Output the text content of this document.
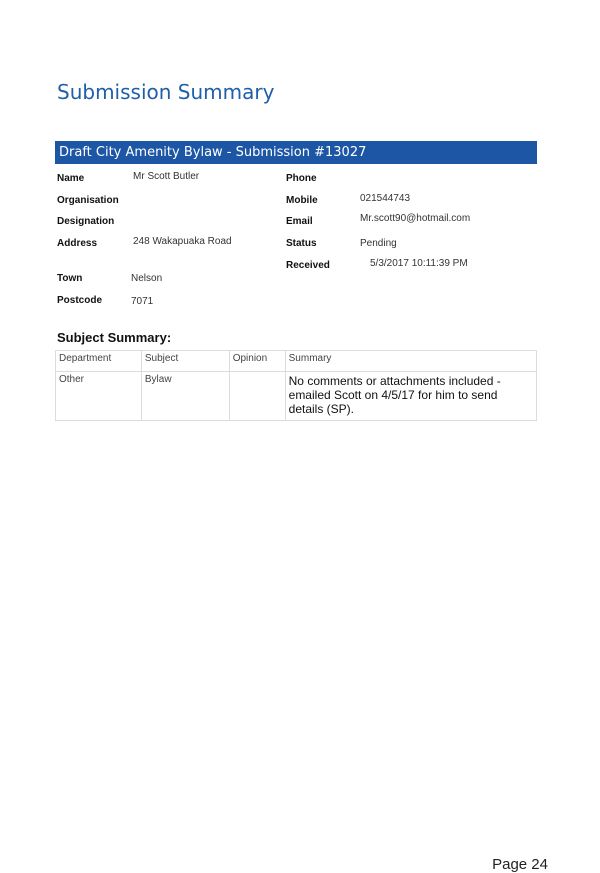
Submission Summary
Draft City Amenity Bylaw - Submission #13027
Name	Mr Scott Butler
Organisation
Designation
Address	248 Wakapuaka Road
Town	Nelson
Postcode	7071
Phone
Mobile	021544743
Email	Mr.scott90@hotmail.com
Status	Pending
Received	5/3/2017 10:11:39 PM
Subject Summary:
Department	Subject	Opinion	Summary
Other	Bylaw		No comments or attachments included - emailed Scott on 4/5/17 for him to send details (SP).
Page 24
